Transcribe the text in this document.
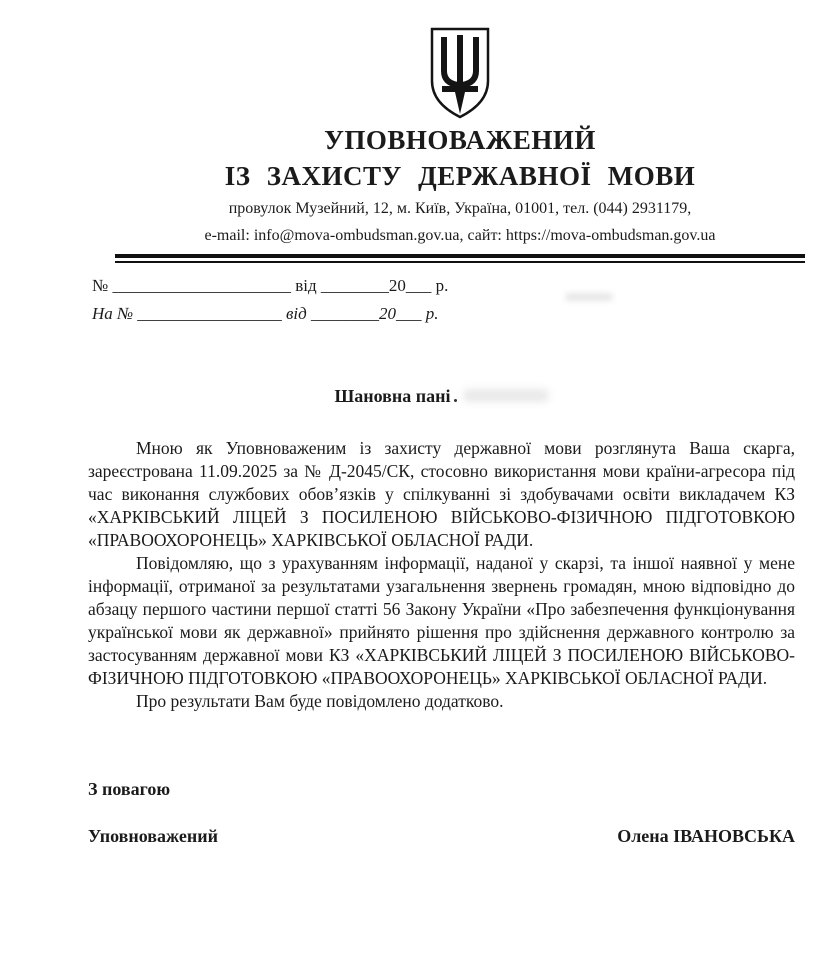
УПОВНОВАЖЕНИЙ
ІЗ ЗАХИСТУ ДЕРЖАВНОЇ МОВИ
провулок Музейний, 12, м. Київ, Україна, 01001, тел. (044) 2931179,
e-mail: info@mova-ombudsman.gov.ua, сайт: https://mova-ombudsman.gov.ua
№ _____________________ від ________20___ р.
На № _________________ від ________20___ р.
Шановна пані

Мною як Уповноваженим із захисту державної мови розглянута Ваша скарга, зареєстрована 11.09.2025 за № Д-2045/СК, стосовно використання мови країни-агресора під час виконання службових обов’язків у спілкуванні зі здобувачами освіти викладачем КЗ «ХАРКІВСЬКИЙ ЛІЦЕЙ З ПОСИЛЕНОЮ ВІЙСЬКОВО-ФІЗИЧНОЮ ПІДГОТОВКОЮ «ПРАВООХОРОНЕЦЬ» ХАРКІВСЬКОЇ ОБЛАСНОЇ РАДИ.

Повідомляю, що з урахуванням інформації, наданої у скарзі, та іншої наявної у мене інформації, отриманої за результатами узагальнення звернень громадян, мною відповідно до абзацу першого частини першої статті 56 Закону України «Про забезпечення функціонування української мови як державної» прийнято рішення про здійснення державного контролю за застосуванням державної мови КЗ «ХАРКІВСЬКИЙ ЛІЦЕЙ З ПОСИЛЕНОЮ ВІЙСЬКОВО-ФІЗИЧНОЮ ПІДГОТОВКОЮ «ПРАВООХОРОНЕЦЬ» ХАРКІВСЬКОЇ ОБЛАСНОЇ РАДИ.

Про результати Вам буде повідомлено додатково.

З повагою
Уповноважений	Олена ІВАНОВСЬКА
